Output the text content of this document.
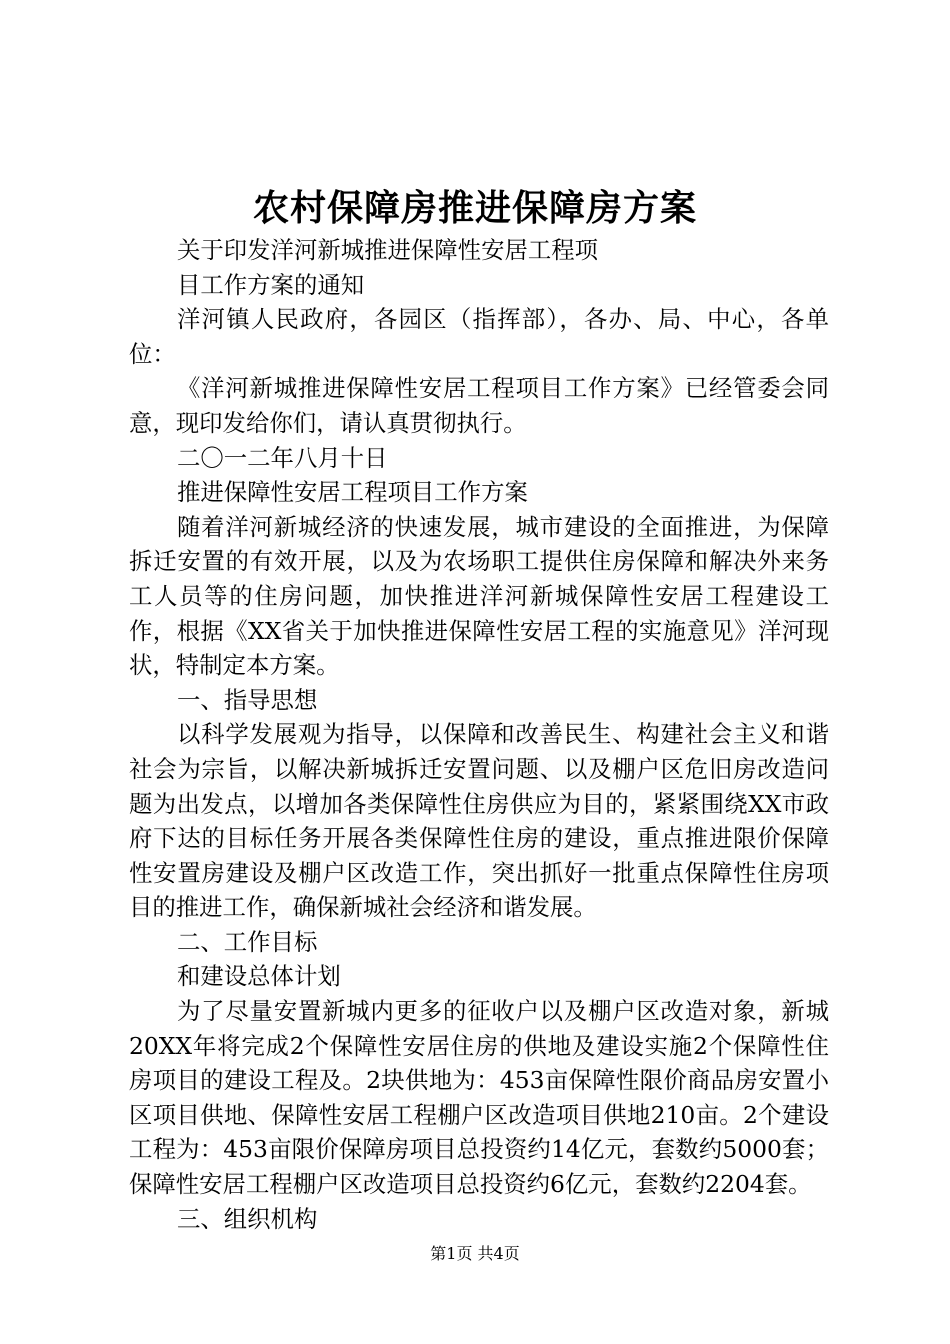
农村保障房推进保障房方案

关于印发洋河新城推进保障性安居工程项

目工作方案的通知

洋河镇人民政府，各园区（指挥部），各办、局、中心，各单位：

《洋河新城推进保障性安居工程项目工作方案》已经管委会同意，现印发给你们，请认真贯彻执行。

二〇一二年八月十日

推进保障性安居工程项目工作方案

随着洋河新城经济的快速发展，城市建设的全面推进，为保障拆迁安置的有效开展，以及为农场职工提供住房保障和解决外来务工人员等的住房问题，加快推进洋河新城保障性安居工程建设工作，根据《XX省关于加快推进保障性安居工程的实施意见》洋河现状，特制定本方案。

一、指导思想

以科学发展观为指导，以保障和改善民生、构建社会主义和谐社会为宗旨，以解决新城拆迁安置问题、以及棚户区危旧房改造问题为出发点，以增加各类保障性住房供应为目的，紧紧围绕XX市政府下达的目标任务开展各类保障性住房的建设，重点推进限价保障性安置房建设及棚户区改造工作，突出抓好一批重点保障性住房项目的推进工作，确保新城社会经济和谐发展。

二、工作目标

和建设总体计划

为了尽量安置新城内更多的征收户以及棚户区改造对象，新城20XX年将完成2个保障性安居住房的供地及建设实施2个保障性住房项目的建设工程及。2块供地为：453亩保障性限价商品房安置小区项目供地、保障性安居工程棚户区改造项目供地210亩。2个建设工程为：453亩限价保障房项目总投资约14亿元，套数约5000套；保障性安居工程棚户区改造项目总投资约6亿元，套数约2204套。

三、组织机构

第1页 共4页
